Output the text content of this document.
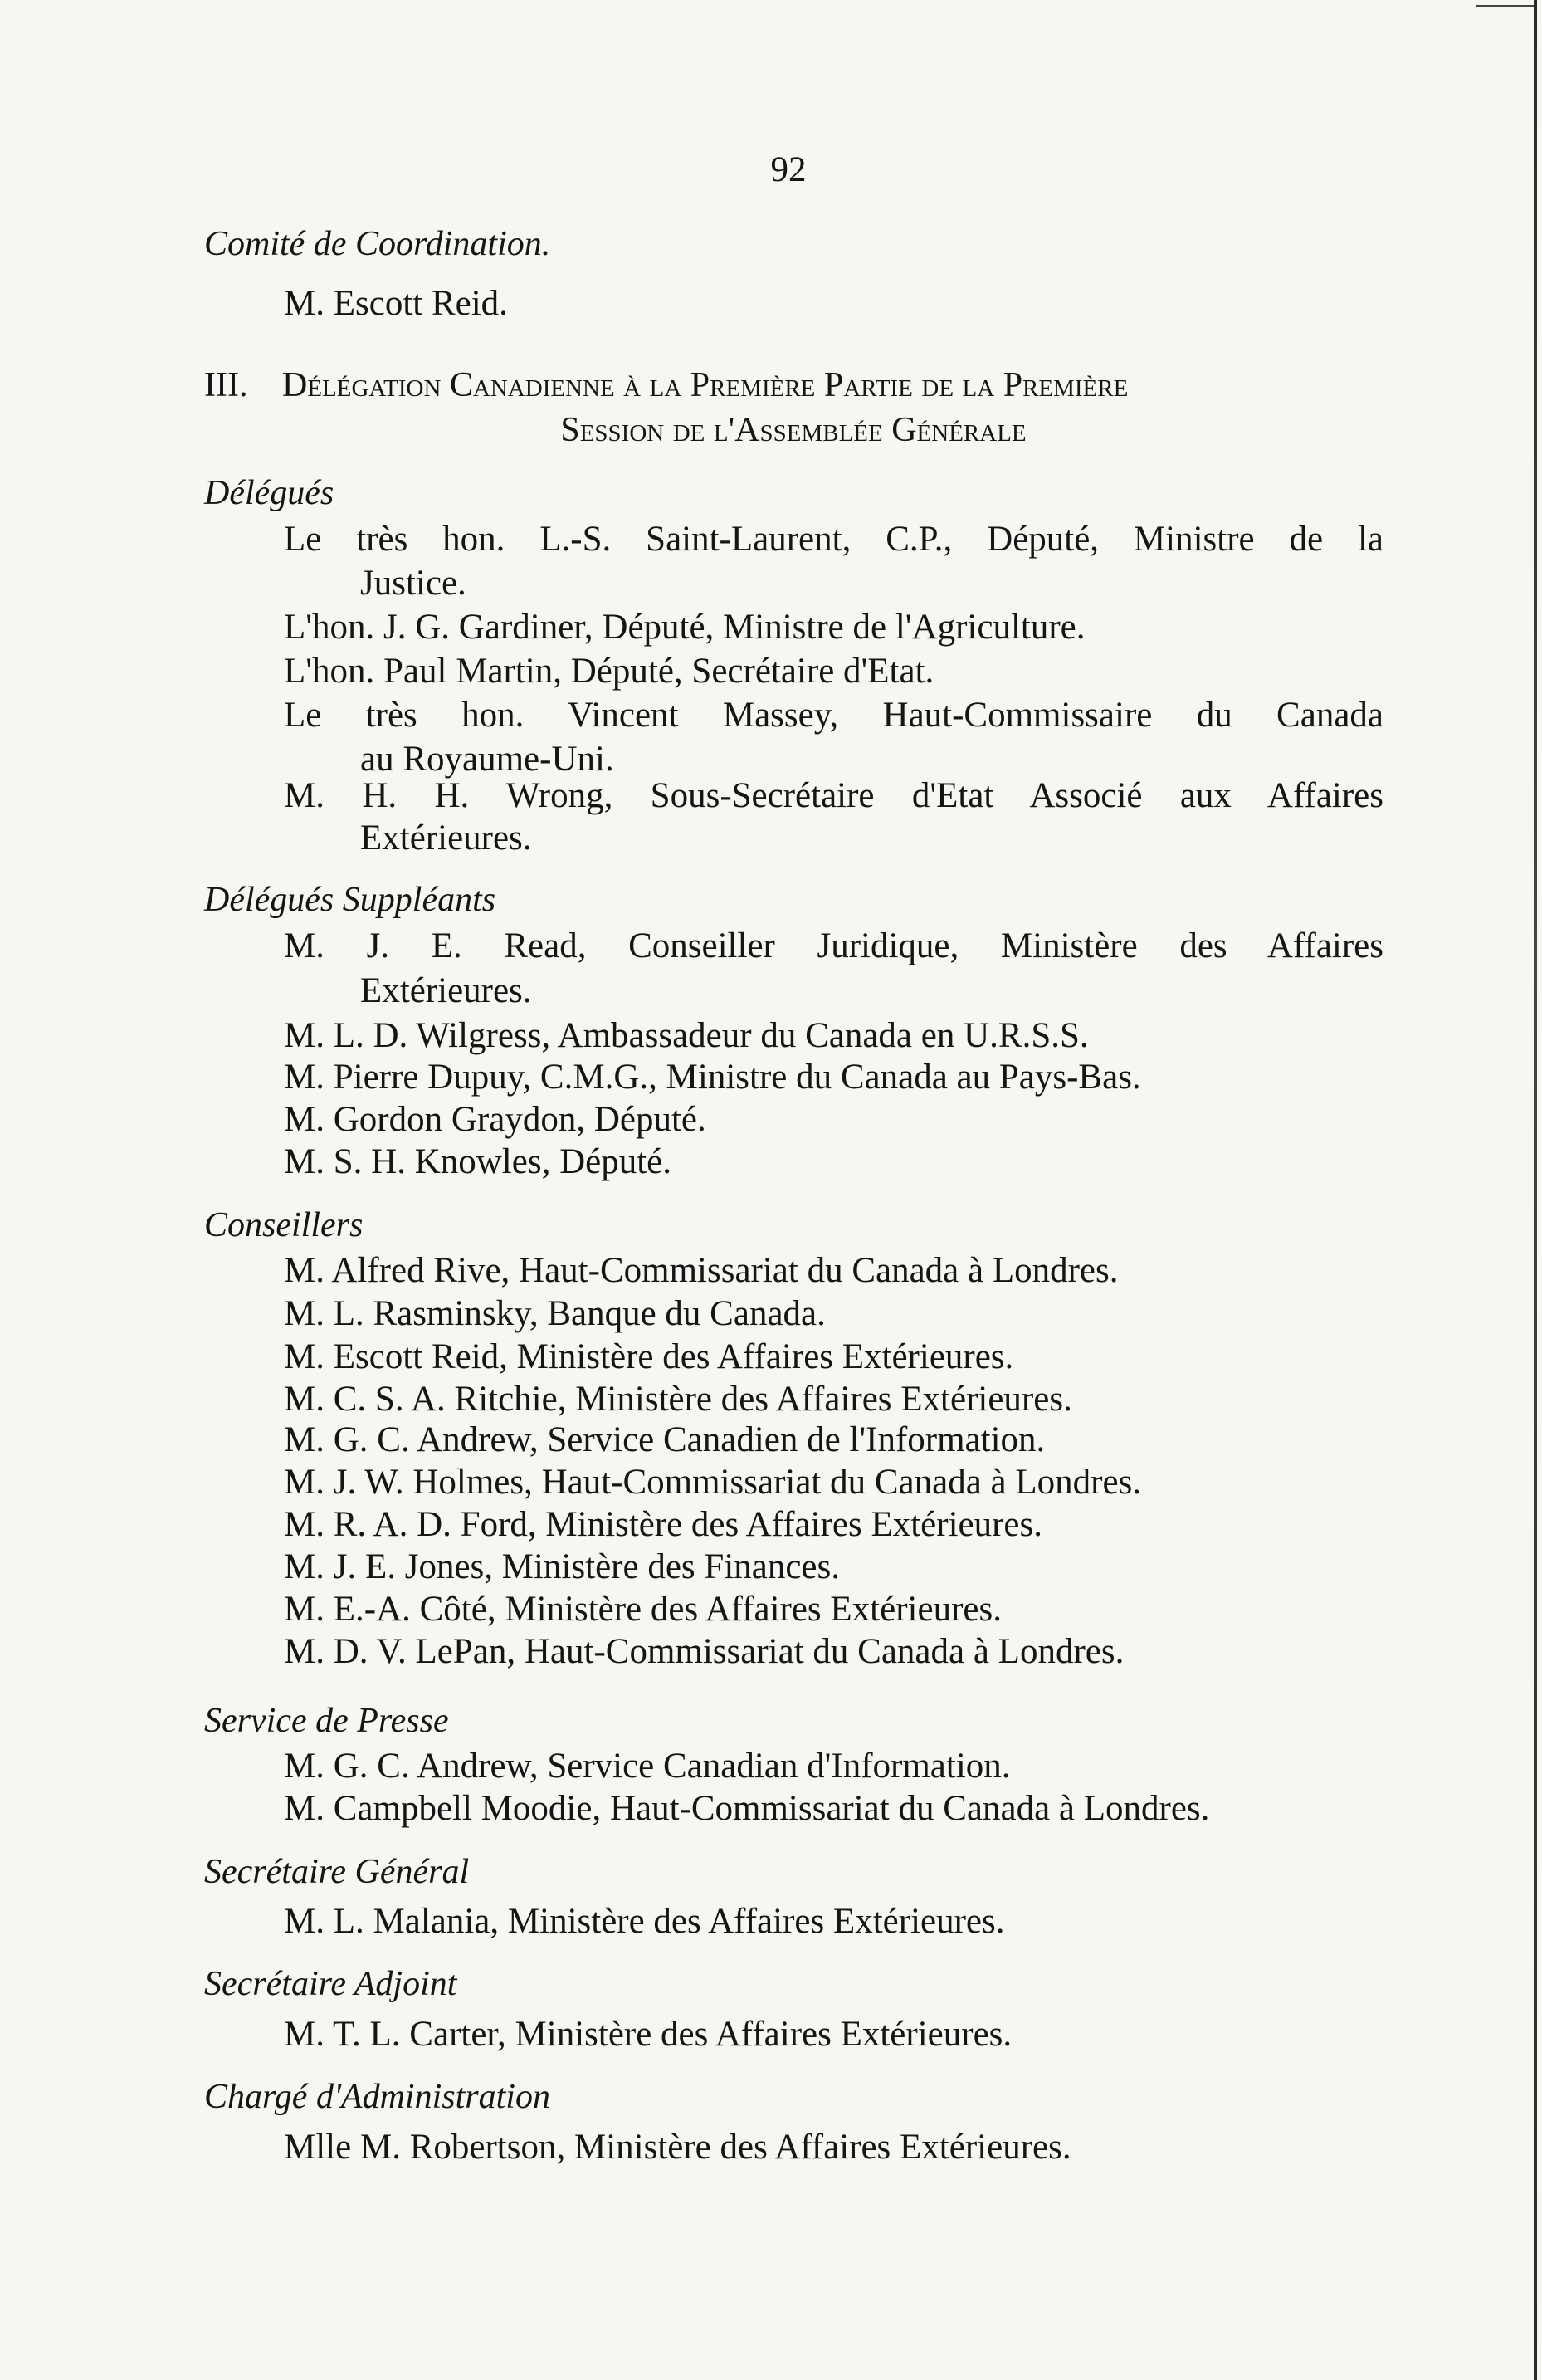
92
Comité de Coordination.
M. Escott Reid.
III. Délégation Canadienne à la Première Partie de la Première
Session de l'Assemblée Générale
Délégués
Le très hon. L.-S. Saint-Laurent, C.P., Député, Ministre de la
Justice.
L'hon. J. G. Gardiner, Député, Ministre de l'Agriculture.
L'hon. Paul Martin, Député, Secrétaire d'Etat.
Le très hon. Vincent Massey, Haut-Commissaire du Canada
au Royaume-Uni.
M. H. H. Wrong, Sous-Secrétaire d'Etat Associé aux Affaires
Extérieures.
Délégués Suppléants
M. J. E. Read, Conseiller Juridique, Ministère des Affaires
Extérieures.
M. L. D. Wilgress, Ambassadeur du Canada en U.R.S.S.
M. Pierre Dupuy, C.M.G., Ministre du Canada au Pays-Bas.
M. Gordon Graydon, Député.
M. S. H. Knowles, Député.
Conseillers
M. Alfred Rive, Haut-Commissariat du Canada à Londres.
M. L. Rasminsky, Banque du Canada.
M. Escott Reid, Ministère des Affaires Extérieures.
M. C. S. A. Ritchie, Ministère des Affaires Extérieures.
M. G. C. Andrew, Service Canadien de l'Information.
M. J. W. Holmes, Haut-Commissariat du Canada à Londres.
M. R. A. D. Ford, Ministère des Affaires Extérieures.
M. J. E. Jones, Ministère des Finances.
M. E.-A. Côté, Ministère des Affaires Extérieures.
M. D. V. LePan, Haut-Commissariat du Canada à Londres.
Service de Presse
M. G. C. Andrew, Service Canadian d'Information.
M. Campbell Moodie, Haut-Commissariat du Canada à Londres.
Secrétaire Général
M. L. Malania, Ministère des Affaires Extérieures.
Secrétaire Adjoint
M. T. L. Carter, Ministère des Affaires Extérieures.
Chargé d'Administration
Mlle M. Robertson, Ministère des Affaires Extérieures.
